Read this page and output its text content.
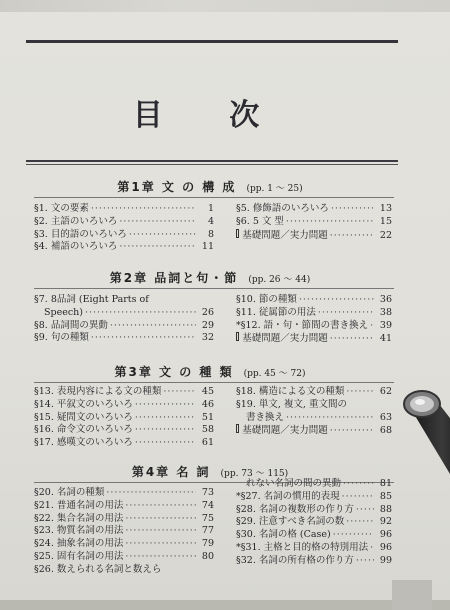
目 次
第1章 文 の 構 成 (pp. 1 ～ 25)
§1. 文の要素 ·····	1
§2. 主語のいろいろ ·····	4
§3. 目的語のいろいろ ·····	8
§4. 補語のいろいろ ·····	11
§5. 修飾語のいろいろ ·····	13
§6. 5 文 型 ·····	15
基礎問題／実力問題 ·····	22
第2章 品詞と句・節 (pp. 26 ～ 44)
§7. 8品詞 (Eight Parts of
Speech) ·····	26
§8. 品詞間の異動 ·····	29
§9. 句の種類 ·····	32
§10. 節の種類 ·····	36
§11. 従属節の用法 ·····	38
*§12. 語・句・節間の書き換え ·····	39
基礎問題／実力問題 ·····	41
第3章 文 の 種 類 (pp. 45 ～ 72)
§13. 表現内容による文の種類 ·····	45
§14. 平叙文のいろいろ ·····	46
§15. 疑問文のいろいろ ·····	51
§16. 命令文のいろいろ ·····	58
§17. 感嘆文のいろいろ ·····	61
§18. 構造による文の種類 ·····	62
§19. 単文, 複文, 重文間の
書き換え ·····	63
基礎問題／実力問題 ·····	68
第4章 名 詞 (pp. 73 ～ 115)
§20. 名詞の種類 ·····	73
§21. 普通名詞の用法 ·····	74
§22. 集合名詞の用法 ·····	75
§23. 物質名詞の用法 ·····	77
§24. 抽象名詞の用法 ·····	79
§25. 固有名詞の用法 ·····	80
§26. 数えられる名詞と数えら
れない名詞の間の異動 ·····	81
*§27. 名詞の慣用的表現 ·····	85
§28. 名詞の複数形の作り方 ·····	88
§29. 注意すべき名詞の数 ·····	92
§30. 名詞の格 (Case) ·····	96
*§31. 主格と目的格の特別用法 ·····	96
§32. 名詞の所有格の作り方 ·····	99
